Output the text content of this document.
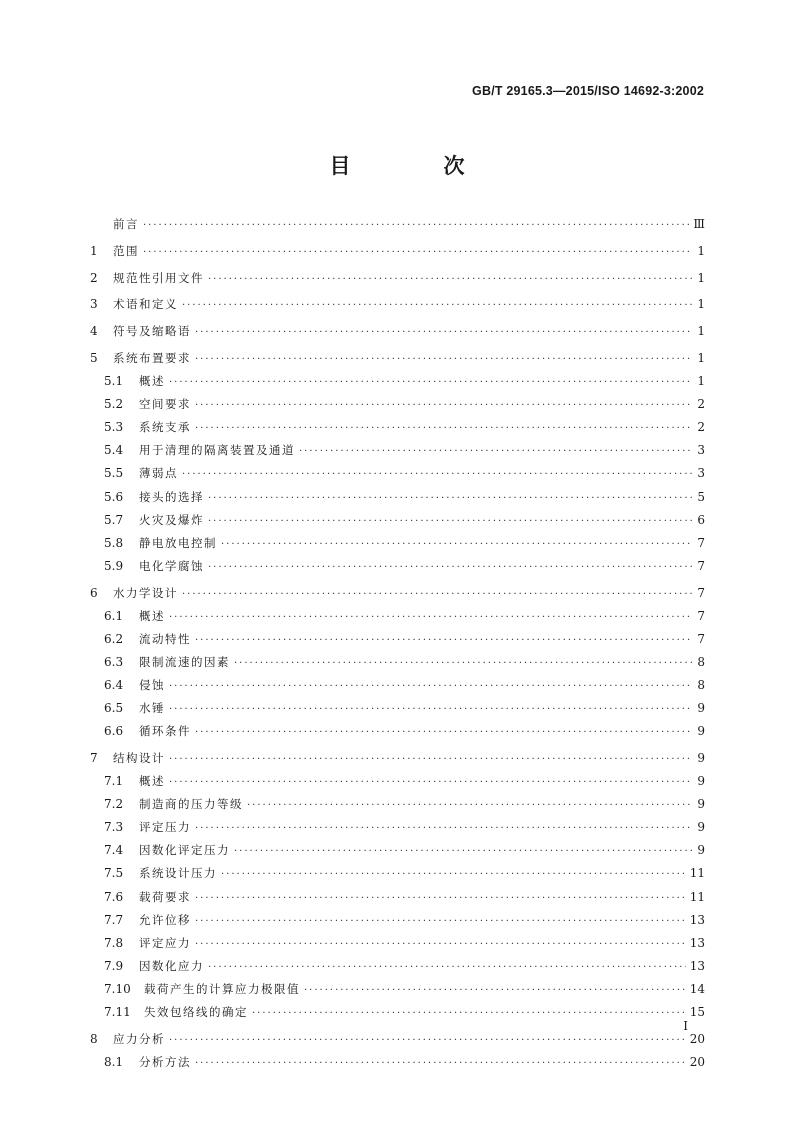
GB/T 29165.3—2015/ISO 14692-3:2002
目　次
前言 ·····	Ⅲ
1	范围 ·····	1
2	规范性引用文件 ·····	1
3	术语和定义 ·····	1
4	符号及缩略语 ·····	1
5	系统布置要求 ·····	1
5.1	概述 ·····	1
5.2	空间要求 ·····	2
5.3	系统支承 ·····	2
5.4	用于清理的隔离装置及通道 ·····	3
5.5	薄弱点 ·····	3
5.6	接头的选择 ·····	5
5.7	火灾及爆炸 ·····	6
5.8	静电放电控制 ·····	7
5.9	电化学腐蚀 ·····	7
6	水力学设计 ·····	7
6.1	概述 ·····	7
6.2	流动特性 ·····	7
6.3	限制流速的因素 ·····	8
6.4	侵蚀 ·····	8
6.5	水锤 ·····	9
6.6	循环条件 ·····	9
7	结构设计 ·····	9
7.1	概述 ·····	9
7.2	制造商的压力等级 ·····	9
7.3	评定压力 ·····	9
7.4	因数化评定压力 ·····	9
7.5	系统设计压力 ·····	11
7.6	载荷要求 ·····	11
7.7	允许位移 ·····	13
7.8	评定应力 ·····	13
7.9	因数化应力 ·····	13
7.10	载荷产生的计算应力极限值 ·····	14
7.11	失效包络线的确定 ·····	15
8	应力分析 ·····	20
8.1	分析方法 ·····	20
I
